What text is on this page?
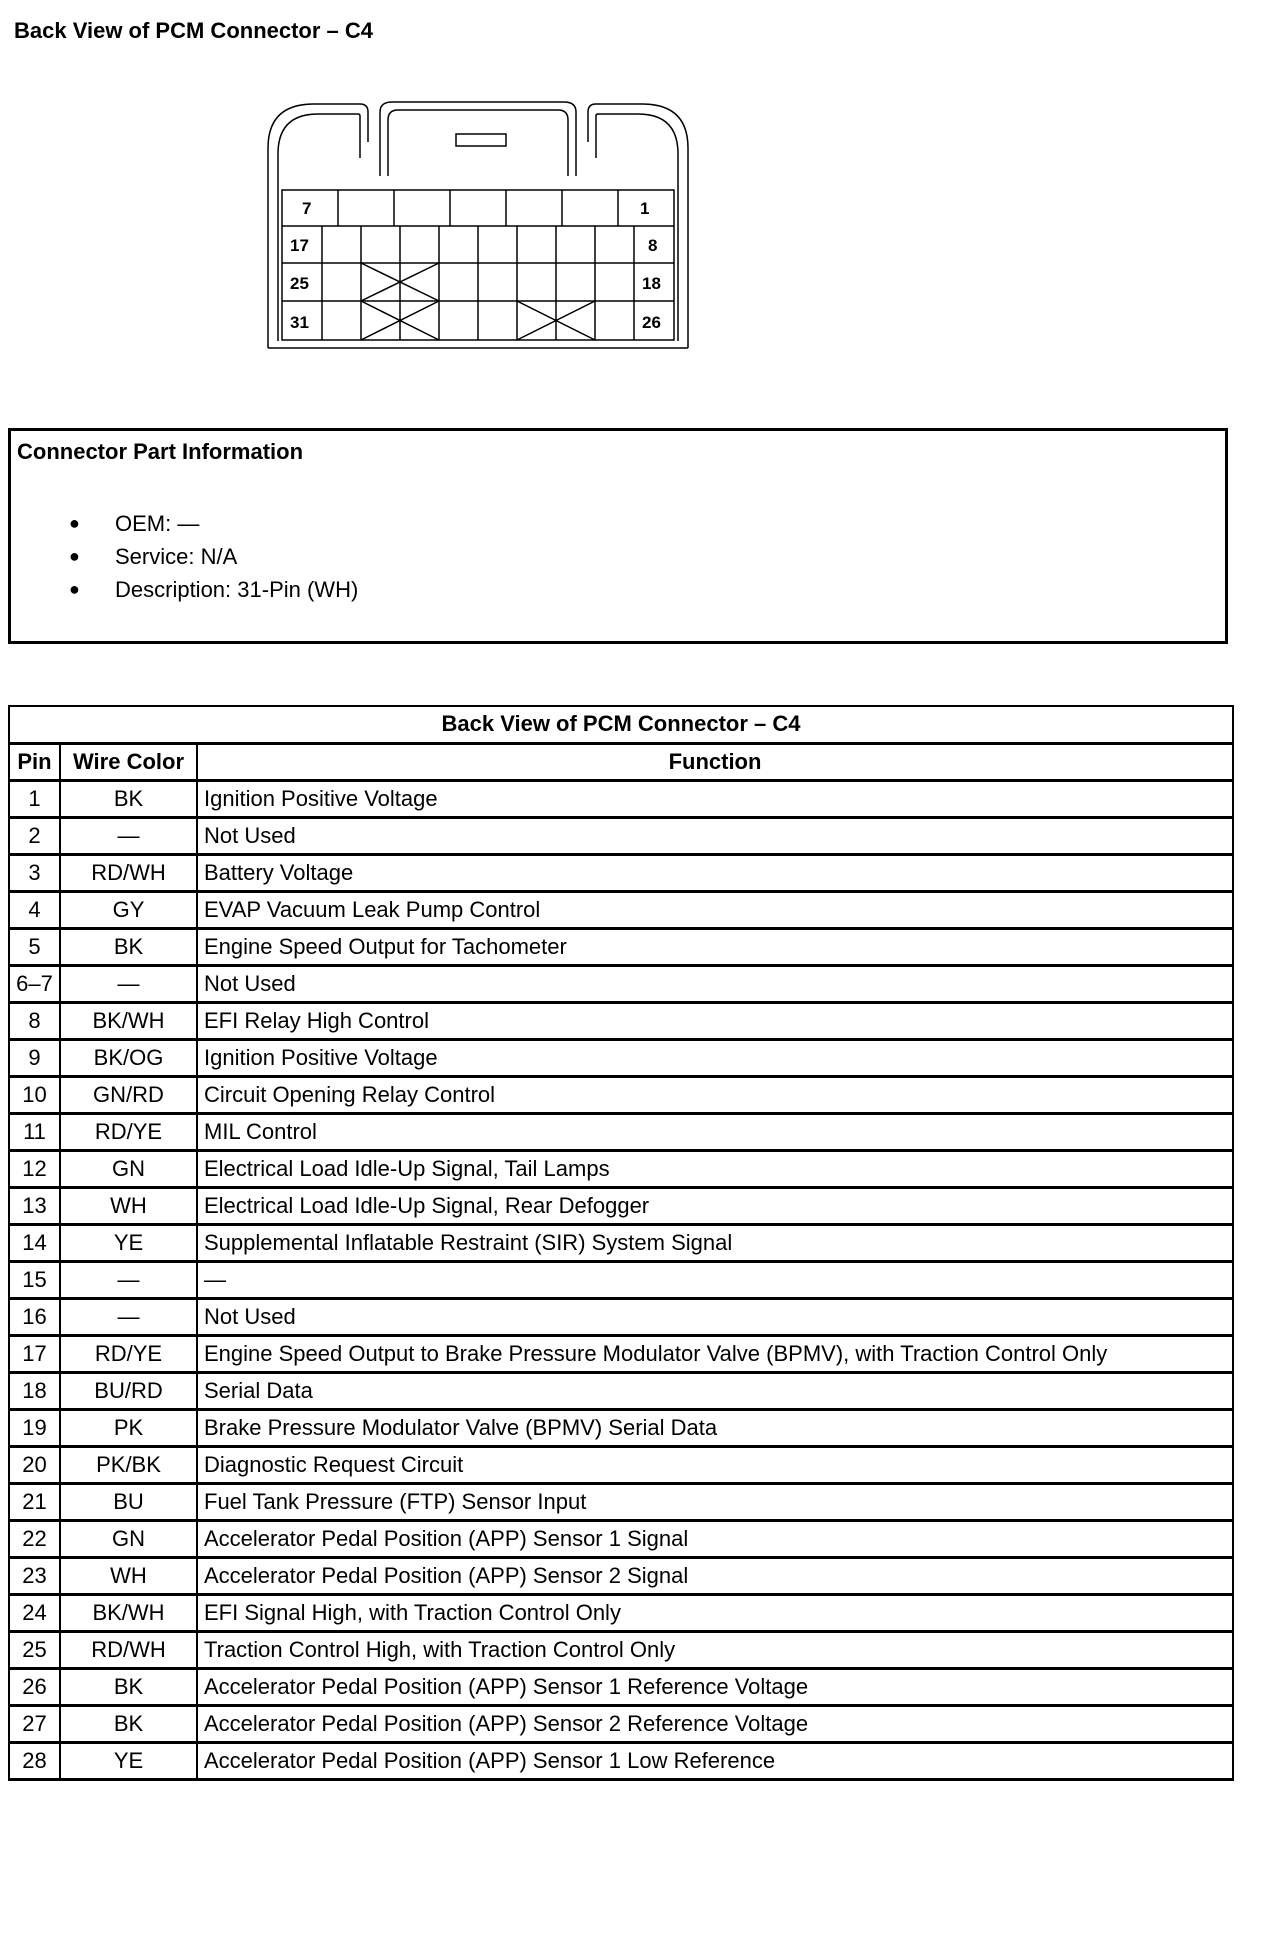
Back View of PCM Connector – C4
7	1
17	8
25	18
31	26
Connector Part Information
● OEM: —
● Service: N/A
● Description: 31-Pin (WH)
Back View of PCM Connector – C4		
Pin	Wire Color	Function
1	BK	Ignition Positive Voltage
2	—	Not Used
3	RD/WH	Battery Voltage
4	GY	EVAP Vacuum Leak Pump Control
5	BK	Engine Speed Output for Tachometer
6–7	—	Not Used
8	BK/WH	EFI Relay High Control
9	BK/OG	Ignition Positive Voltage
10	GN/RD	Circuit Opening Relay Control
11	RD/YE	MIL Control
12	GN	Electrical Load Idle-Up Signal, Tail Lamps
13	WH	Electrical Load Idle-Up Signal, Rear Defogger
14	YE	Supplemental Inflatable Restraint (SIR) System Signal
15	—	—
16	—	Not Used
17	RD/YE	Engine Speed Output to Brake Pressure Modulator Valve (BPMV), with Traction Control Only
18	BU/RD	Serial Data
19	PK	Brake Pressure Modulator Valve (BPMV) Serial Data
20	PK/BK	Diagnostic Request Circuit
21	BU	Fuel Tank Pressure (FTP) Sensor Input
22	GN	Accelerator Pedal Position (APP) Sensor 1 Signal
23	WH	Accelerator Pedal Position (APP) Sensor 2 Signal
24	BK/WH	EFI Signal High, with Traction Control Only
25	RD/WH	Traction Control High, with Traction Control Only
26	BK	Accelerator Pedal Position (APP) Sensor 1 Reference Voltage
27	BK	Accelerator Pedal Position (APP) Sensor 2 Reference Voltage
28	YE	Accelerator Pedal Position (APP) Sensor 1 Low Reference
